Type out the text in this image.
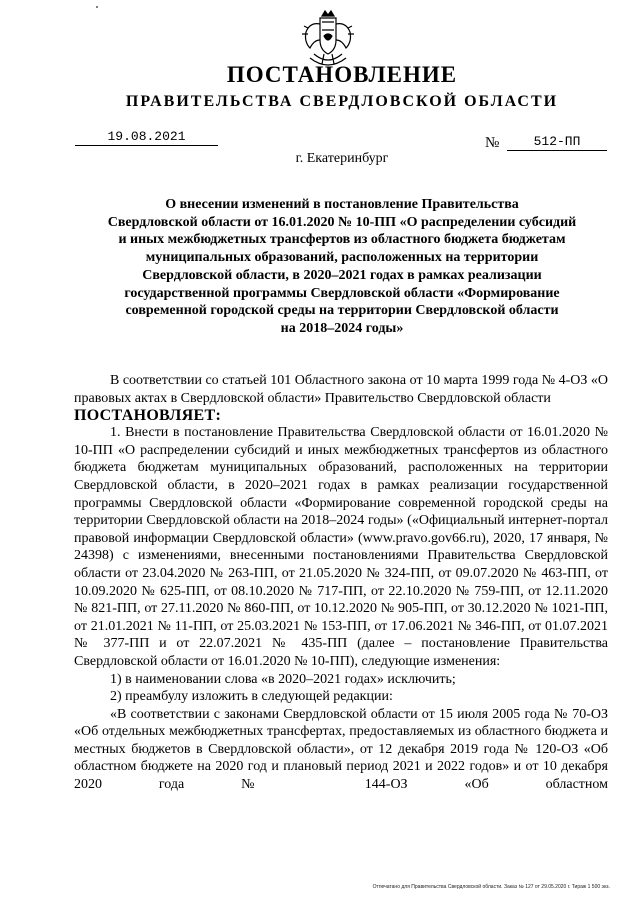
ПОСТАНОВЛЕНИЕ
ПРАВИТЕЛЬСТВА СВЕРДЛОВСКОЙ ОБЛАСТИ
19.08.2021	№	512-ПП
г. Екатеринбург
О внесении изменений в постановление Правительства
Свердловской области от 16.01.2020 № 10-ПП «О распределении субсидий
и иных межбюджетных трансфертов из областного бюджета бюджетам
муниципальных образований, расположенных на территории
Свердловской области, в 2020–2021 годах в рамках реализации
государственной программы Свердловской области «Формирование
современной городской среды на территории Свердловской области
на 2018–2024 годы»

В соответствии со статьей 101 Областного закона от 10 марта 1999 года № 4-ОЗ «О правовых актах в Свердловской области» Правительство Свердловской области

ПОСТАНОВЛЯЕТ:

1. Внести в постановление Правительства Свердловской области от 16.01.2020 № 10-ПП «О распределении субсидий и иных межбюджетных трансфертов из областного бюджета бюджетам муниципальных образований, расположенных на территории Свердловской области, в 2020–2021 годах в рамках реализации государственной программы Свердловской области «Формирование современной городской среды на территории Свердловской области на 2018–2024 годы» («Официальный интернет-портал правовой информации Свердловской области» (www.pravo.gov66.ru), 2020, 17 января, № 24398) с изменениями, внесенными постановлениями Правительства Свердловской области от 23.04.2020 № 263-ПП, от 21.05.2020 № 324-ПП, от 09.07.2020 № 463-ПП, от 10.09.2020 № 625-ПП, от 08.10.2020 № 717-ПП, от 22.10.2020 № 759-ПП, от 12.11.2020 № 821-ПП, от 27.11.2020 № 860-ПП, от 10.12.2020 № 905-ПП, от 30.12.2020 № 1021-ПП, от 21.01.2021 № 11-ПП, от 25.03.2021 № 153-ПП, от 17.06.2021 № 346-ПП, от 01.07.2021 № 377-ПП и от 22.07.2021 № 435-ПП (далее – постановление Правительства Свердловской области от 16.01.2020 № 10-ПП), следующие изменения:

1) в наименовании слова «в 2020–2021 годах» исключить;

2) преамбулу изложить в следующей редакции:

«В соответствии с законами Свердловской области от 15 июля 2005 года № 70-ОЗ «Об отдельных межбюджетных трансфертах, предоставляемых из областного бюджета и местных бюджетов в Свердловской области», от 12 декабря 2019 года № 120-ОЗ «Об областном бюджете на 2020 год и плановый период 2021 и 2022 годов» и от 10 декабря 2020 года № 144-ОЗ «Об областном

Отпечатано для Правительства Свердловской области. Заказ № 127 от 29.05.2020 г. Тираж 1 500 экз.
